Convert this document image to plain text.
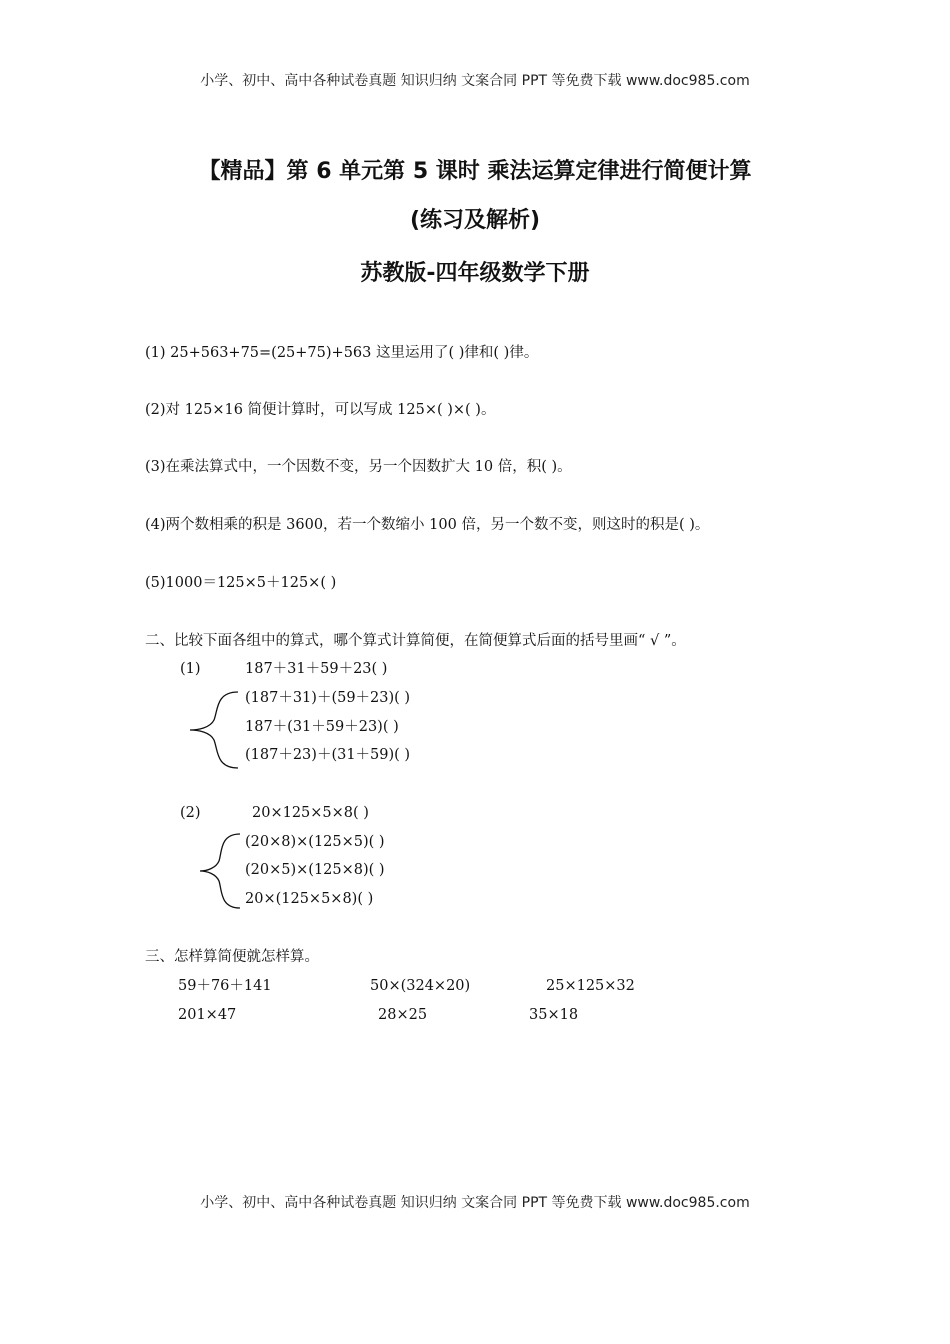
小学、初中、高中各种试卷真题 知识归纳 文案合同 PPT 等免费下载 www.doc985.com
【精品】第 6 单元第 5 课时 乘法运算定律进行简便计算
(练习及解析)
苏教版-四年级数学下册
(1) 25+563+75=(25+75)+563 这里运用了( )律和( )律。
(2)对 125×16 简便计算时，可以写成 125×( )×( )。
(3)在乘法算式中，一个因数不变，另一个因数扩大 10 倍，积( )。
(4)两个数相乘的积是 3600，若一个数缩小 100 倍，另一个数不变，则这时的积是( )。
(5)1000＝125×5＋125×( )
二、比较下面各组中的算式，哪个算式计算简便，在简便算式后面的括号里画“ √ ”。
(1)	187＋31＋59＋23( )
(187＋31)＋(59＋23)( )
187＋(31＋59＋23)( )
(187＋23)＋(31＋59)( )
(2)	20×125×5×8( )
(20×8)×(125×5)( )
(20×5)×(125×8)( )
20×(125×5×8)( )
三、怎样算简便就怎样算。
59＋76＋141	50×(324×20)	25×125×32
201×47	28×25	35×18
小学、初中、高中各种试卷真题 知识归纳 文案合同 PPT 等免费下载 www.doc985.com
